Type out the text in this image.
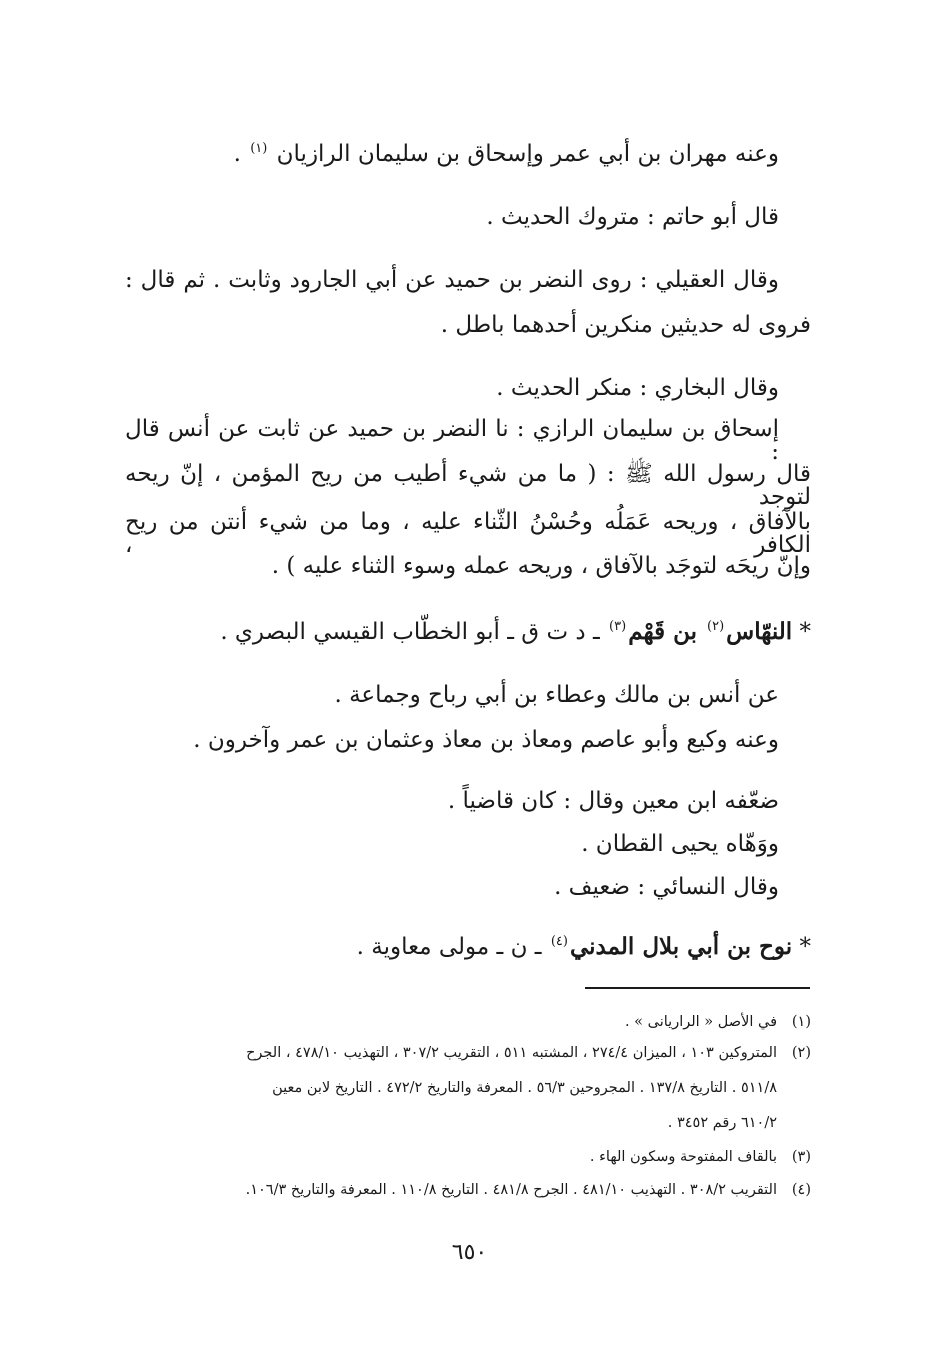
وعنه مهران بن أبي عمر وإسحاق بن سليمان الرازيان $^{(١)}$ .
قال أبو حاتم : متروك الحديث .
وقال العقيلي : روى النضر بن حميد عن أبي الجارود وثابت . ثم قال :
فروى له حديثين منكرين أحدهما باطل .
وقال البخاري : منكر الحديث .
إسحاق بن سليمان الرازي : نا النضر بن حميد عن ثابت عن أنس قال :
قال رسول الله ﷺ : ( ما من شيء أطيب من ريح المؤمن ، إنّ ريحه لتوجد
بالآفاق ، وريحه عَمَلُه وحُسْنُ الثّناء عليه ، وما من شيء أنتن من ريح الكافر ،
وإنّ ريحَه لتوجَد بالآفاق ، وريحه عمله وسوء الثناء عليه ) .
* النهّاس$^{(٢)}$ بن قَهْم$^{(٣)}$ ـ د ت ق ـ أبو الخطّاب القيسي البصري .
عن أنس بن مالك وعطاء بن أبي رباح وجماعة .
وعنه وكيع وأبو عاصم ومعاذ بن معاذ وعثمان بن عمر وآخرون .
ضعّفه ابن معين وقال : كان قاضياً .
ووَهّاه يحيى القطان .
وقال النسائي : ضعيف .
* نوح بن أبي بلال المدني$^{(٤)}$ ـ ن ـ مولى معاوية .
(١)في الأصل « الراريانى » .
(٢)المتروكين ١٠٣ ، الميزان ٢٧٤/٤ ، المشتبه ٥١١ ، التقريب ٣٠٧/٢ ، التهذيب ٤٧٨/١٠ ، الجرح
٥١١/٨ . التاريخ ١٣٧/٨ . المجروحين ٥٦/٣ . المعرفة والتاريخ ٤٧٢/٢ . التاريخ لابن معين
٦١٠/٢ رقم ٣٤٥٢ .
(٣)بالقاف المفتوحة وسكون الهاء .
(٤)التقريب ٣٠٨/٢ . التهذيب ٤٨١/١٠ . الجرح ٤٨١/٨ . التاريخ ١١٠/٨ . المعرفة والتاريخ ١٠٦/٣.
٦٥٠
